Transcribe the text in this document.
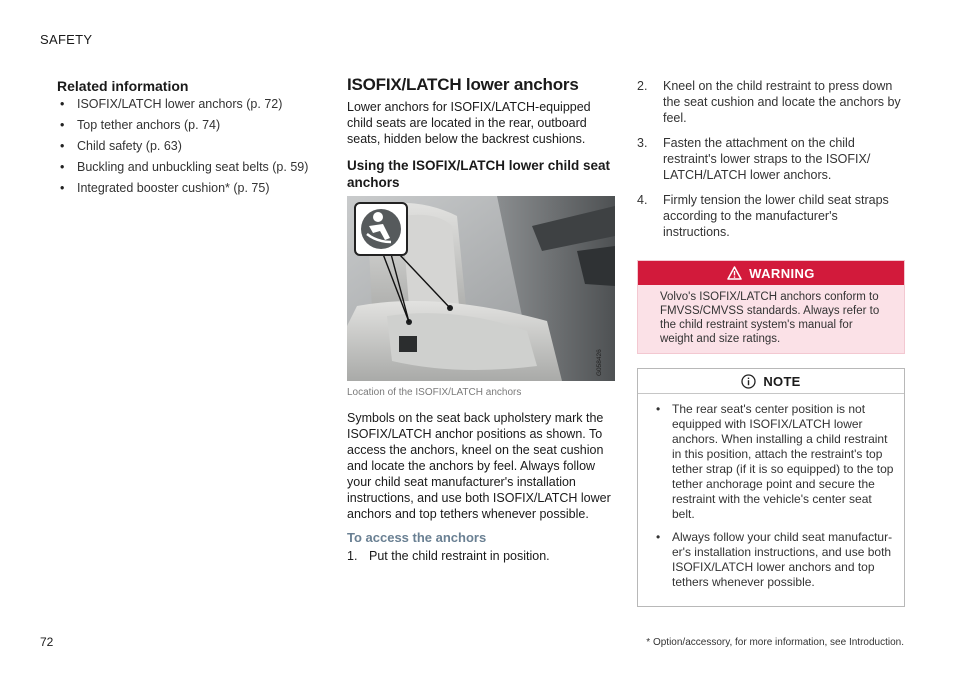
SAFETY
Related information
• ISOFIX/LATCH lower anchors (p. 72)
• Top tether anchors (p. 74)
• Child safety (p. 63)
• Buckling and unbuckling seat belts (p. 59)
• Integrated booster cushion* (p. 75)
ISOFIX/LATCH lower anchors

Lower anchors for ISOFIX/LATCH-equipped child seats are located in the rear, outboard seats, hidden below the backrest cushions.

Using the ISOFIX/LATCH lower child seat anchors
G058426
Location of the ISOFIX/LATCH anchors

Symbols on the seat back upholstery mark the ISOFIX/LATCH anchor positions as shown. To access the anchors, kneel on the seat cushion and locate the anchors by feel. Always follow your child seat manufacturer's installation instructions, and use both ISOFIX/LATCH lower anchors and top tethers whenever possible.

To access the anchors
1. Put the child restraint in position.
2.	Kneel on the child restraint to press down the seat cushion and locate the anchors by feel.
3.	Fasten the attachment on the child restraint's lower straps to the ISOFIX/ LATCH/LATCH lower anchors.
4.	Firmly tension the lower child seat straps according to the manufacturer's instructions.
WARNING
Volvo's ISOFIX/LATCH anchors conform to FMVSS/CMVSS standards. Always refer to the child restraint system's manual for weight and size ratings.
NOTE
• The rear seat's center position is not equipped with ISOFIX/LATCH lower anchors. When installing a child restraint in this position, attach the restraint's top tether strap (if it is so equipped) to the top tether anchorage point and secure the restraint with the vehicle's center seat belt.
• Always follow your child seat manufactur-er's installation instructions, and use both ISOFIX/LATCH lower anchors and top tethers whenever possible.
72	* Option/accessory, for more information, see Introduction.
